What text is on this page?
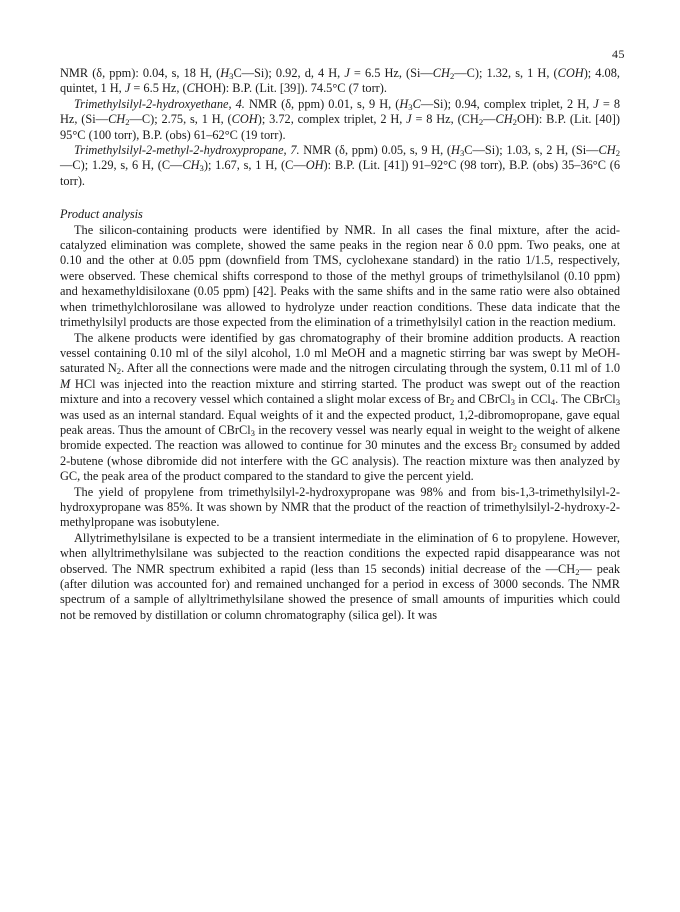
45

NMR (δ, ppm): 0.04, s, 18 H, $(H_3C—Si)$; 0.92, d, 4 H, J = 6.5 Hz, $(Si—CH_2—C)$; 1.32, s, 1 H, (COH); 4.08, quintet, 1 H, J = 6.5 Hz, (CHOH): B.P. (Lit. [39]). 74.5°C (7 torr).

Trimethylsilyl-2-hydroxyethane, 4. NMR (δ, ppm) 0.01, s, 9 H, $(H_3C—Si)$; 0.94, complex triplet, 2 H, J = 8 Hz, $(Si—CH_2—C)$; 2.75, s, 1 H, (COH); 3.72, complex triplet, 2 H, J = 8 Hz, $(CH_2—CH_2OH)$: B.P. (Lit. [40]) 95°C (100 torr), B.P. (obs) 61–62°C (19 torr).

Trimethylsilyl-2-methyl-2-hydroxypropane, 7. NMR (δ, ppm) 0.05, s, 9 H, $(H_3C—Si)$; 1.03, s, 2 H, $(Si—CH_2—C)$; 1.29, s, 6 H, $(C—CH_3)$; 1.67, s, 1 H, (C—OH): B.P. (Lit. [41]) 91–92°C (98 torr), B.P. (obs) 35–36°C (6 torr).

Product analysis

The silicon-containing products were identified by NMR. In all cases the final mixture, after the acid-catalyzed elimination was complete, showed the same peaks in the region near δ 0.0 ppm. Two peaks, one at 0.10 and the other at 0.05 ppm (downfield from TMS, cyclohexane standard) in the ratio 1/1.5, respectively, were observed. These chemical shifts correspond to those of the methyl groups of trimethylsilanol (0.10 ppm) and hexamethyldisiloxane (0.05 ppm) [42]. Peaks with the same shifts and in the same ratio were also obtained when trimethylchlorosilane was allowed to hydrolyze under reaction conditions. These data indicate that the trimethylsilyl products are those expected from the elimination of a trimethylsilyl cation in the reaction medium.

The alkene products were identified by gas chromatography of their bromine addition products. A reaction vessel containing 0.10 ml of the silyl alcohol, 1.0 ml MeOH and a magnetic stirring bar was swept by MeOH-saturated $N_2$. After all the connections were made and the nitrogen circulating through the system, 0.11 ml of 1.0 M HCl was injected into the reaction mixture and stirring started. The product was swept out of the reaction mixture and into a recovery vessel which contained a slight molar excess of $Br_2$ and CBrCl$_3$ in CCl$_4$. The CBrCl$_3$ was used as an internal standard. Equal weights of it and the expected product, 1,2-dibromopropane, gave equal peak areas. Thus the amount of CBrCl$_3$ in the recovery vessel was nearly equal in weight to the weight of alkene bromide expected. The reaction was allowed to continue for 30 minutes and the excess $Br_2$ consumed by added 2-butene (whose dibromide did not interfere with the GC analysis). The reaction mixture was then analyzed by GC, the peak area of the product compared to the standard to give the percent yield.

The yield of propylene from trimethylsilyl-2-hydroxypropane was 98% and from bis-1,3-trimethylsilyl-2-hydroxypropane was 85%. It was shown by NMR that the product of the reaction of trimethylsilyl-2-hydroxy-2-methylpropane was isobutylene.

Allytrimethylsilane is expected to be a transient intermediate in the elimination of 6 to propylene. However, when allyltrimethylsilane was subjected to the reaction conditions the expected rapid disappearance was not observed. The NMR spectrum exhibited a rapid (less than 15 seconds) initial decrease of the $—CH_2—$ peak (after dilution was accounted for) and remained unchanged for a period in excess of 3000 seconds. The NMR spectrum of a sample of allyltrimethylsilane showed the presence of small amounts of impurities which could not be removed by distillation or column chromatography (silica gel). It was
